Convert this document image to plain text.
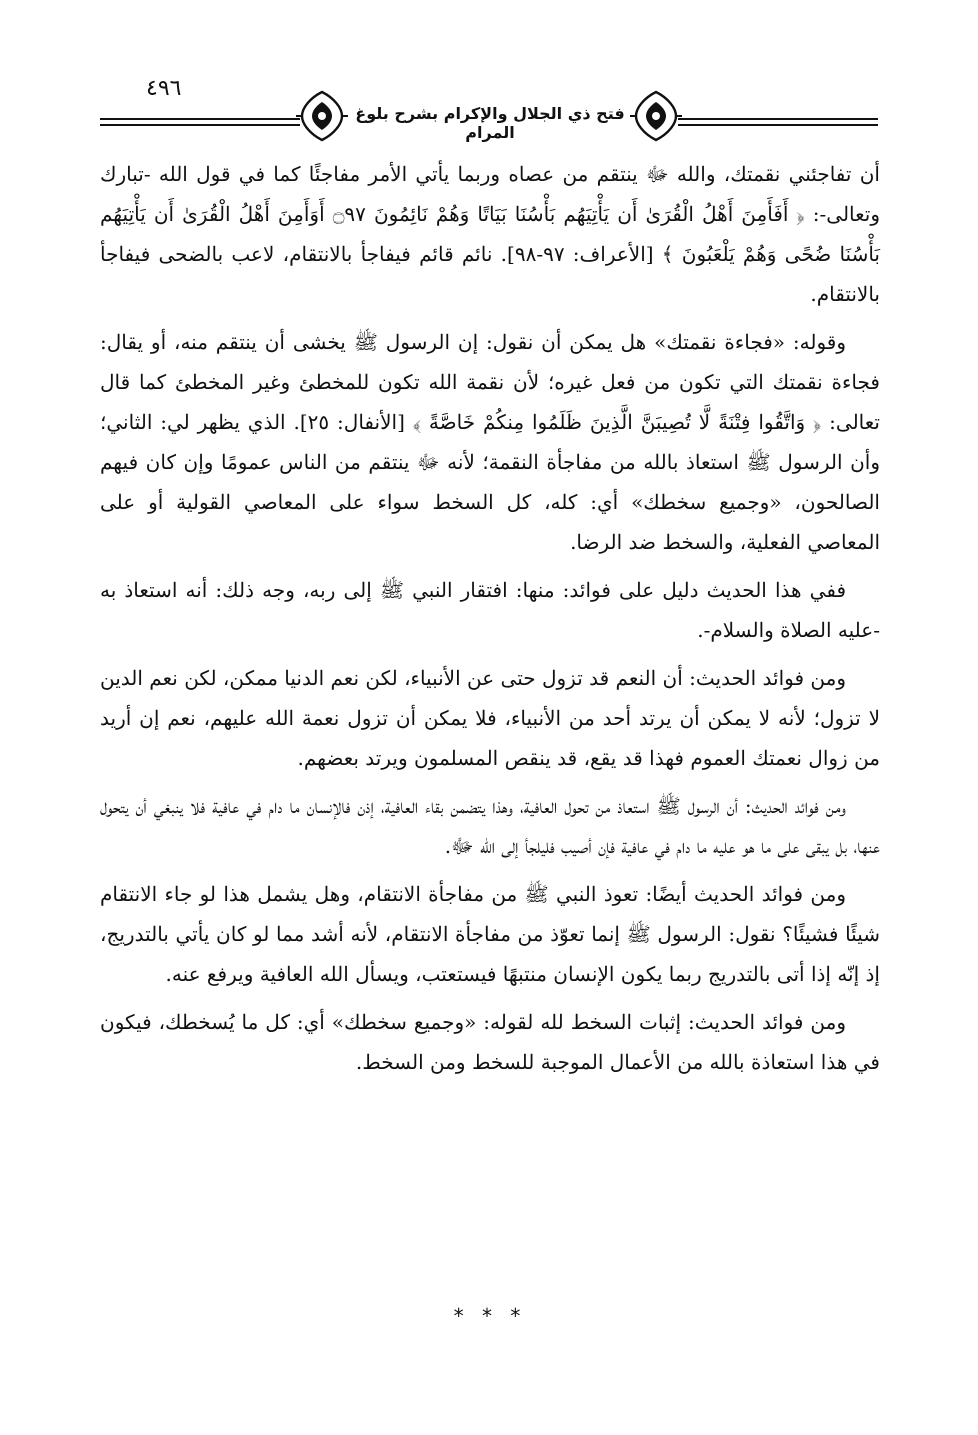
٤٩٦
فتح ذي الجلال والإكرام بشرح بلوغ المرام

أن تفاجئني نقمتك، والله ﷻ ينتقم من عصاه وربما يأتي الأمر مفاجئًا كما في قول الله -تبارك وتعالى-: ﴿ أَفَأَمِنَ أَهْلُ الْقُرَىٰ أَن يَأْتِيَهُم بَأْسُنَا بَيَاتًا وَهُمْ نَائِمُونَ ۝٩٧ أَوَأَمِنَ أَهْلُ الْقُرَىٰ أَن يَأْتِيَهُم بَأْسُنَا ضُحًى وَهُمْ يَلْعَبُونَ ﴾ [الأعراف: ٩٧-٩٨]. نائم قائم فيفاجأ بالانتقام، لاعب بالضحى فيفاجأ بالانتقام.

وقوله: «فجاءة نقمتك» هل يمكن أن نقول: إن الرسول ﷺ يخشى أن ينتقم منه، أو يقال: فجاءة نقمتك التي تكون من فعل غيره؛ لأن نقمة الله تكون للمخطئ وغير المخطئ كما قال تعالى: ﴿ وَاتَّقُوا فِتْنَةً لَّا تُصِيبَنَّ الَّذِينَ ظَلَمُوا مِنكُمْ خَاصَّةً ﴾ [الأنفال: ٢٥]. الذي يظهر لي: الثاني؛ وأن الرسول ﷺ استعاذ بالله من مفاجأة النقمة؛ لأنه ﷻ ينتقم من الناس عمومًا وإن كان فيهم الصالحون، «وجميع سخطك» أي: كله، كل السخط سواء على المعاصي القولية أو على المعاصي الفعلية، والسخط ضد الرضا.

ففي هذا الحديث دليل على فوائد: منها: افتقار النبي ﷺ إلى ربه، وجه ذلك: أنه استعاذ به -عليه الصلاة والسلام-.

ومن فوائد الحديث: أن النعم قد تزول حتى عن الأنبياء، لكن نعم الدنيا ممكن، لكن نعم الدين لا تزول؛ لأنه لا يمكن أن يرتد أحد من الأنبياء، فلا يمكن أن تزول نعمة الله عليهم، نعم إن أريد من زوال نعمتك العموم فهذا قد يقع، قد ينقص المسلمون ويرتد بعضهم.

ومن فوائد الحديث: أن الرسول ﷺ استعاذ من تحول العافية، وهذا يتضمن بقاء العافية، إذن فالإنسان ما دام في عافية فلا ينبغي أن يتحول عنها، بل يبقى على ما هو عليه ما دام في عافية فإن أصيب فليلجأ إلى الله ﷻ.

ومن فوائد الحديث أيضًا: تعوذ النبي ﷺ من مفاجأة الانتقام، وهل يشمل هذا لو جاء الانتقام شيئًا فشيئًا؟ نقول: الرسول ﷺ إنما تعوّذ من مفاجأة الانتقام، لأنه أشد مما لو كان يأتي بالتدريج، إذ إنّه إذا أتى بالتدريج ربما يكون الإنسان منتبهًا فيستعتب، ويسأل الله العافية ويرفع عنه.

ومن فوائد الحديث: إثبات السخط لله لقوله: «وجميع سخطك» أي: كل ما يُسخطك، فيكون في هذا استعاذة بالله من الأعمال الموجبة للسخط ومن السخط.

* * *
